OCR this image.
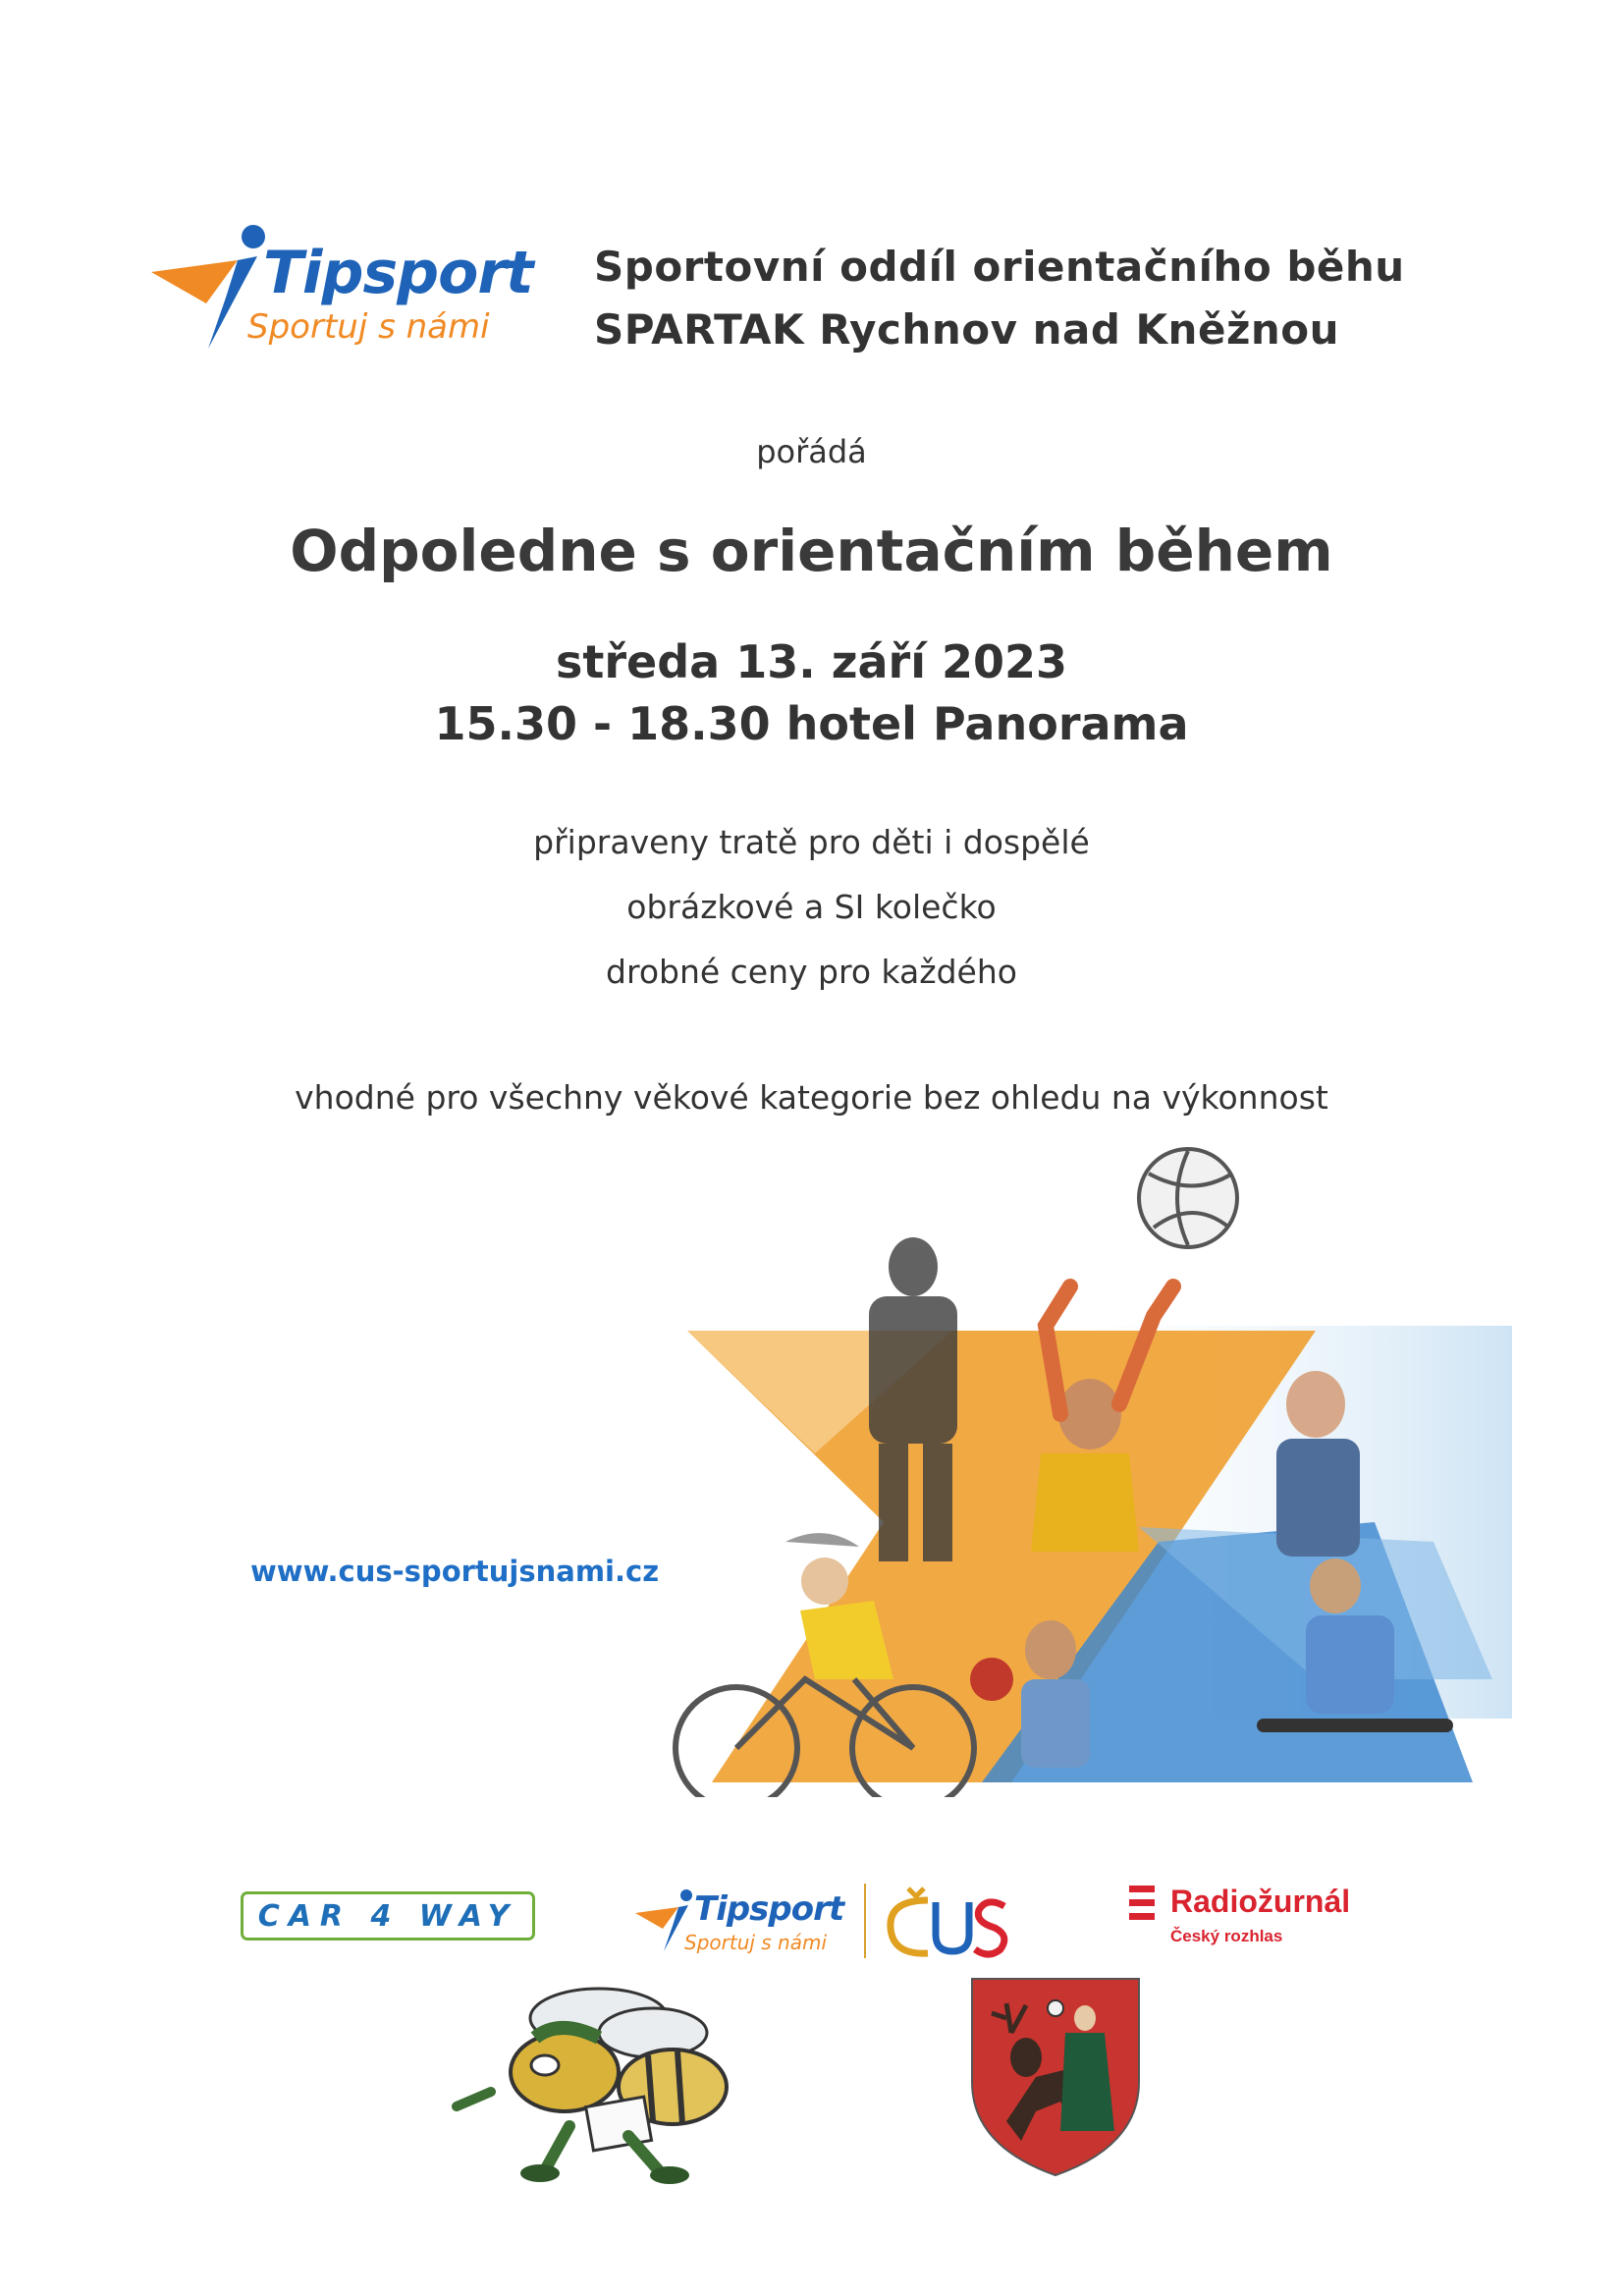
Tipsport
Sportuj s námi
Sportovní oddíl orientačního běhu
SPARTAK Rychnov nad Kněžnou
pořádá
Odpoledne s orientačním během
středa 13. září 2023
15.30 - 18.30 hotel Panorama
připraveny tratě pro děti i dospělé
obrázkové a SI kolečko
drobné ceny pro každého
vhodné pro všechny věkové kategorie bez ohledu na výkonnost
www.cus-sportujsnami.cz
CAR 4 WAY	Tipsport
Sportuj s námi
Radiožurnál
Český rozhlas
